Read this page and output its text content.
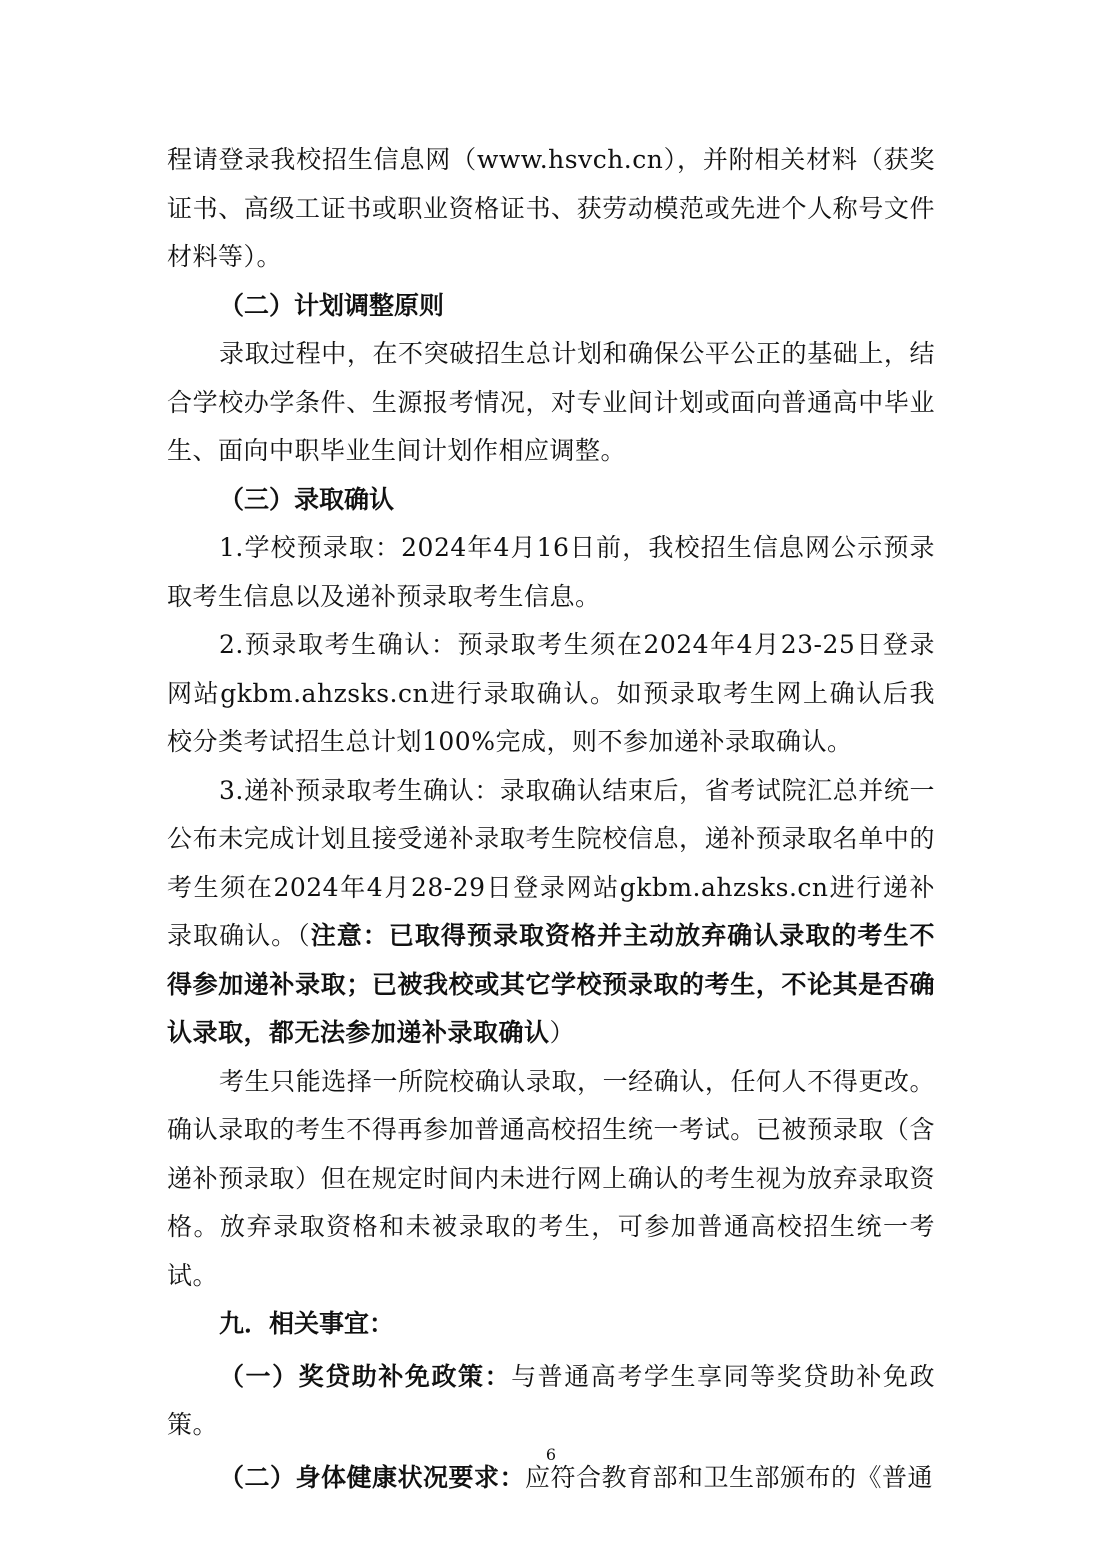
程请登录我校招生信息网（www.hsvch.cn），并附相关材料（获奖证书、高级工证书或职业资格证书、获劳动模范或先进个人称号文件材料等）。

（二）计划调整原则

录取过程中，在不突破招生总计划和确保公平公正的基础上，结合学校办学条件、生源报考情况，对专业间计划或面向普通高中毕业生、面向中职毕业生间计划作相应调整。

（三）录取确认

1.学校预录取：2024年4月16日前，我校招生信息网公示预录取考生信息以及递补预录取考生信息。

2.预录取考生确认：预录取考生须在2024年4月23-25日登录网站gkbm.ahzsks.cn进行录取确认。如预录取考生网上确认后我校分类考试招生总计划100%完成，则不参加递补录取确认。

3.递补预录取考生确认：录取确认结束后，省考试院汇总并统一公布未完成计划且接受递补录取考生院校信息，递补预录取名单中的考生须在2024年4月28-29日登录网站gkbm.ahzsks.cn进行递补录取确认。（注意：已取得预录取资格并主动放弃确认录取的考生不得参加递补录取；已被我校或其它学校预录取的考生，不论其是否确认录取，都无法参加递补录取确认）

考生只能选择一所院校确认录取，一经确认，任何人不得更改。确认录取的考生不得再参加普通高校招生统一考试。已被预录取（含递补预录取）但在规定时间内未进行网上确认的考生视为放弃录取资格。放弃录取资格和未被录取的考生，可参加普通高校招生统一考试。

九．相关事宜：

（一）奖贷助补免政策：与普通高考学生享同等奖贷助补免政策。

（二）身体健康状况要求：应符合教育部和卫生部颁布的《普通

6
